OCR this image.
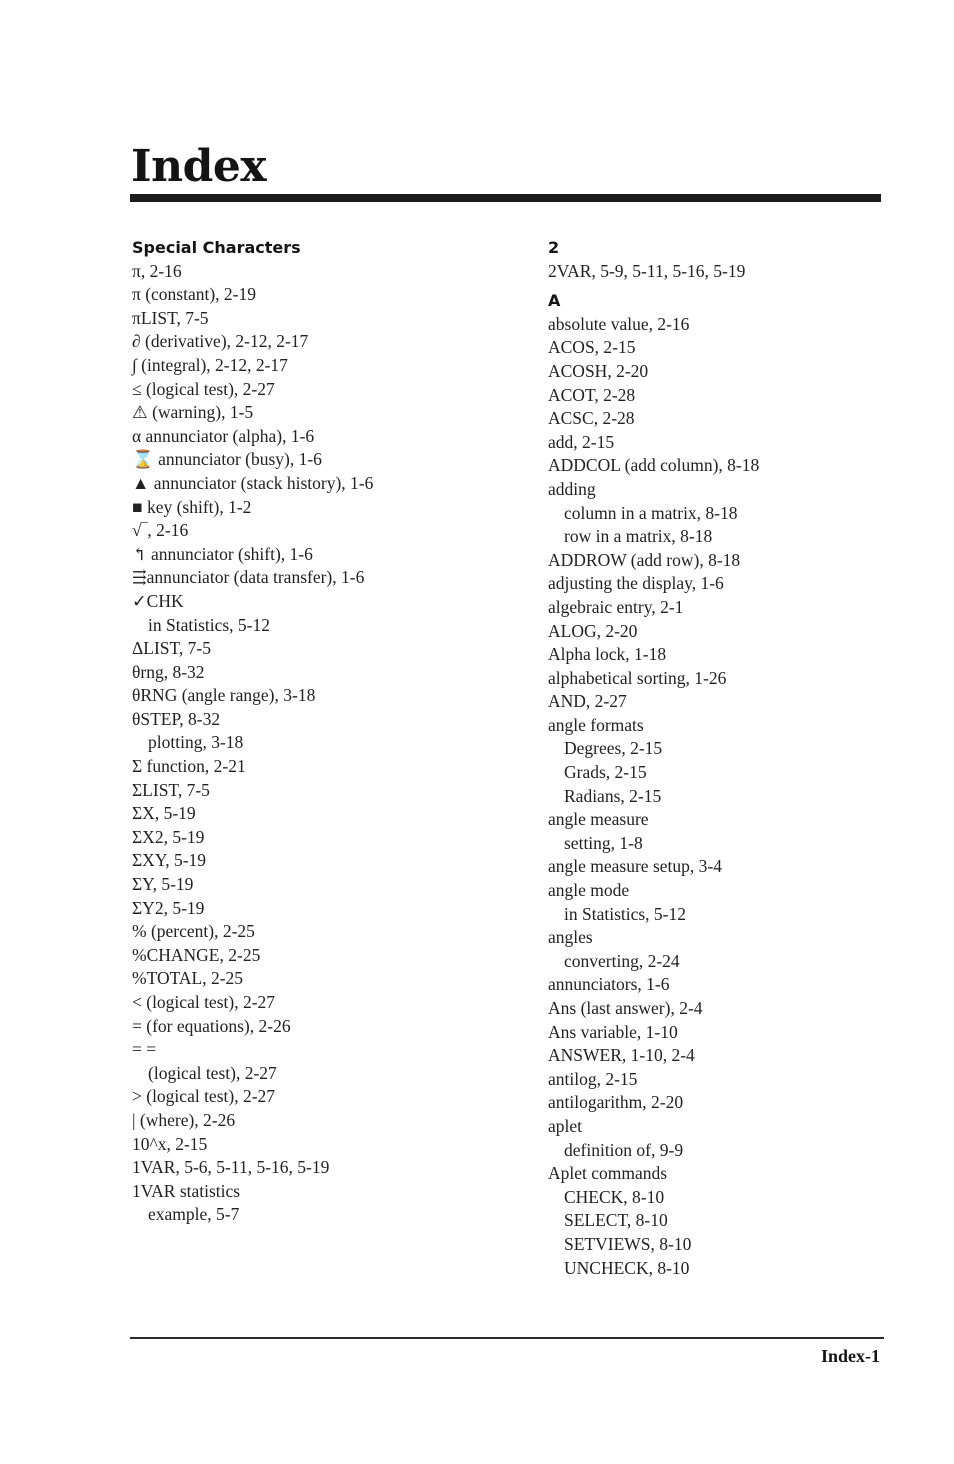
Index
Special Characters
π, 2-16
π (constant), 2-19
πLIST, 7-5
∂ (derivative), 2-12, 2-17
∫ (integral), 2-12, 2-17
≤ (logical test), 2-27
⚠ (warning), 1-5
α annunciator (alpha), 1-6
⌛ annunciator (busy), 1-6
▲ annunciator (stack history), 1-6
■ key (shift), 1-2
√‾, 2-16
↰ annunciator (shift), 1-6
⇶annunciator (data transfer), 1-6
✓CHK
in Statistics, 5-12
ΔLIST, 7-5
θrng, 8-32
θRNG (angle range), 3-18
θSTEP, 8-32
plotting, 3-18
Σ function, 2-21
ΣLIST, 7-5
ΣX, 5-19
ΣX2, 5-19
ΣXY, 5-19
ΣY, 5-19
ΣY2, 5-19
% (percent), 2-25
%CHANGE, 2-25
%TOTAL, 2-25
< (logical test), 2-27
= (for equations), 2-26
= =
(logical test), 2-27
> (logical test), 2-27
| (where), 2-26
10^x, 2-15
1VAR, 5-6, 5-11, 5-16, 5-19
1VAR statistics
example, 5-7
2
2VAR, 5-9, 5-11, 5-16, 5-19
A
absolute value, 2-16
ACOS, 2-15
ACOSH, 2-20
ACOT, 2-28
ACSC, 2-28
add, 2-15
ADDCOL (add column), 8-18
adding
column in a matrix, 8-18
row in a matrix, 8-18
ADDROW (add row), 8-18
adjusting the display, 1-6
algebraic entry, 2-1
ALOG, 2-20
Alpha lock, 1-18
alphabetical sorting, 1-26
AND, 2-27
angle formats
Degrees, 2-15
Grads, 2-15
Radians, 2-15
angle measure
setting, 1-8
angle measure setup, 3-4
angle mode
in Statistics, 5-12
angles
converting, 2-24
annunciators, 1-6
Ans (last answer), 2-4
Ans variable, 1-10
ANSWER, 1-10, 2-4
antilog, 2-15
antilogarithm, 2-20
aplet
definition of, 9-9
Aplet commands
CHECK, 8-10
SELECT, 8-10
SETVIEWS, 8-10
UNCHECK, 8-10
Index-1
